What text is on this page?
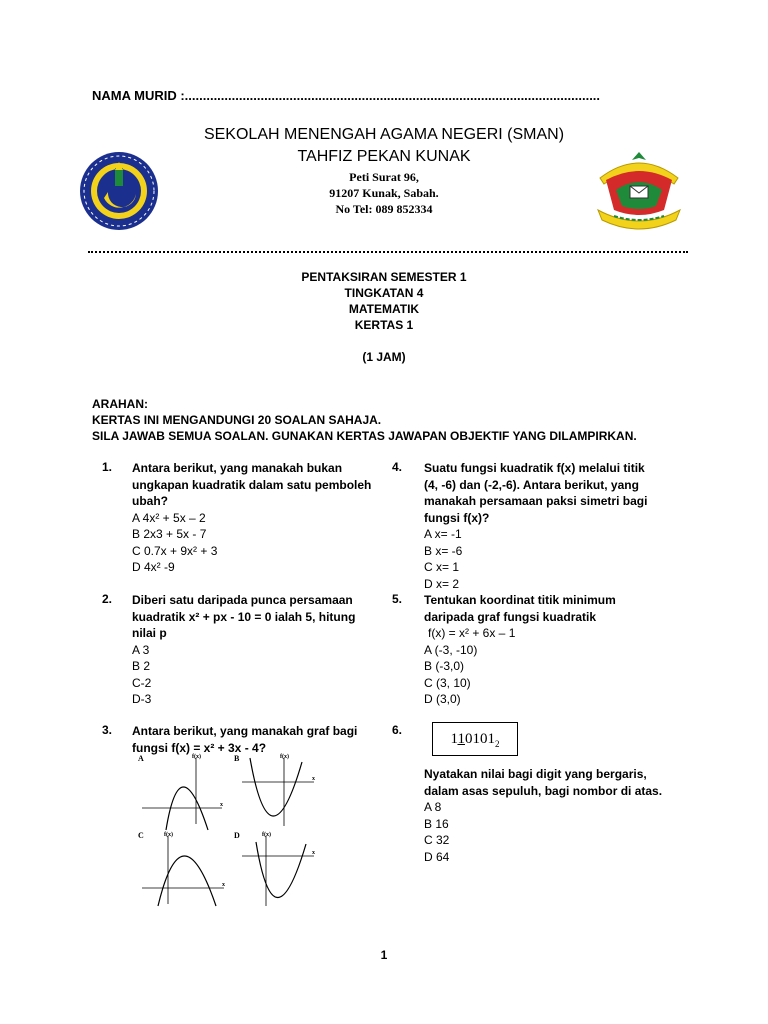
NAMA MURID :...................................................................................................................
SEKOLAH MENENGAH AGAMA NEGERI (SMAN)
TAHFIZ PEKAN KUNAK
Peti Surat 96,
91207 Kunak, Sabah.
No Tel: 089 852334
PENTAKSIRAN SEMESTER 1
TINGKATAN 4
MATEMATIK
KERTAS 1
(1 JAM)
ARAHAN:
KERTAS INI MENGANDUNGI 20 SOALAN SAHAJA.
SILA JAWAB SEMUA SOALAN. GUNAKAN KERTAS JAWAPAN OBJEKTIF YANG DILAMPIRKAN.
1. Antara berikut, yang manakah bukan ungkapan kuadratik dalam satu pemboleh ubah?
A 4x² + 5x – 2
B 2x3 + 5x - 7
C 0.7x + 9x² + 3
D 4x² -9
2. Diberi satu daripada punca persamaan kuadratik x² + px - 10 = 0 ialah 5, hitung nilai p
A 3
B 2
C-2
D-3
3. Antara berikut, yang manakah graf bagi fungsi f(x) = x² + 3x - 4?
A	f(x)
x
B	f(x)
x
C	f(x)
x
D	f(x)
x
4. Suatu fungsi kuadratik f(x) melalui titik (4, -6) dan (-2,-6). Antara berikut, yang manakah persamaan paksi simetri bagi fungsi f(x)?
A x= -1
B x= -6
C x= 1
D x= 2
5. Tentukan koordinat titik minimum daripada graf fungsi kuadratik
f(x) = x² + 6x – 1
A (-3, -10)
B (-3,0)
C (3, 10)
D (3,0)
6.
$110101_2$
Nyatakan nilai bagi digit yang bergaris, dalam asas sepuluh, bagi nombor di atas.
A 8
B 16
C 32
D 64
1
